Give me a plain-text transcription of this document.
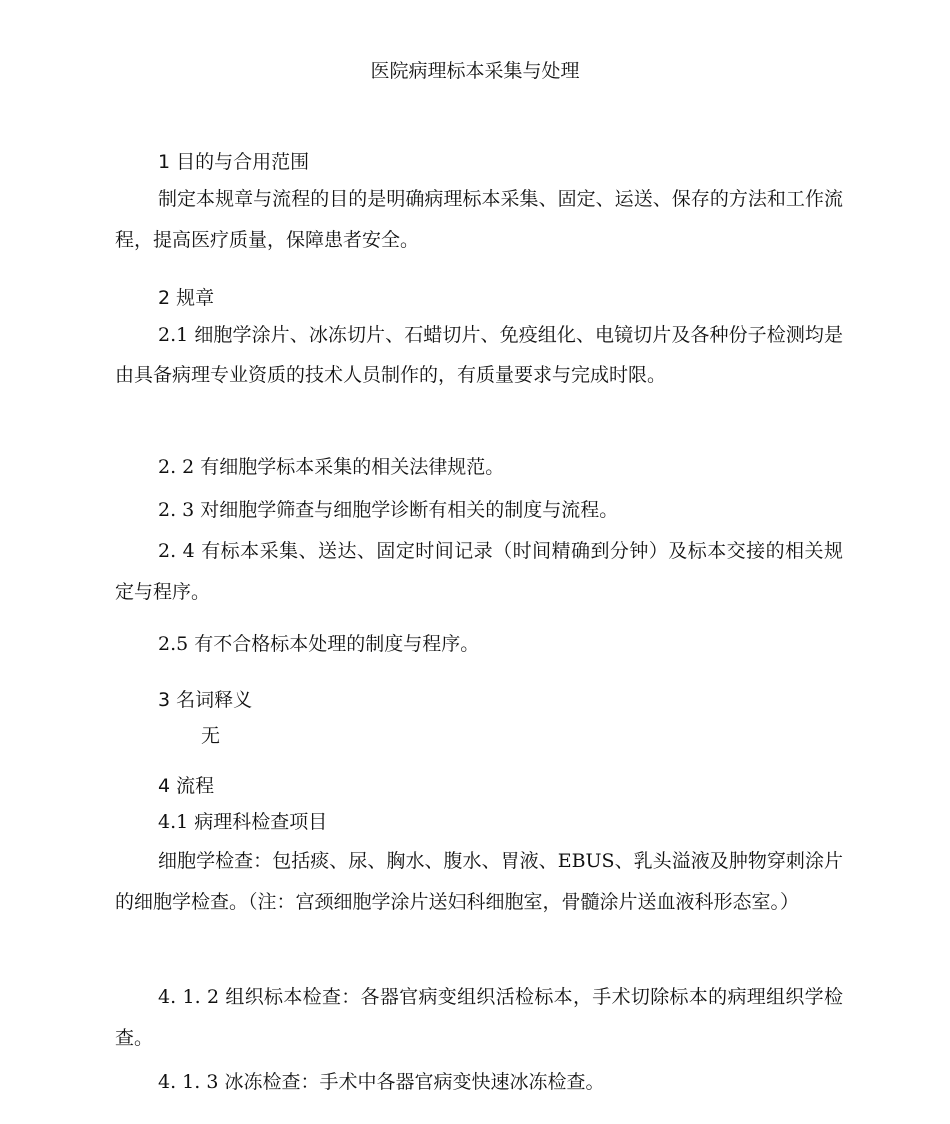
医院病理标本采集与处理
1 目的与合用范围
制定本规章与流程的目的是明确病理标本采集、固定、运送、保存的方法和工作流程，提高医疗质量，保障患者安全。
2 规章
2.1 细胞学涂片、冰冻切片、石蜡切片、免疫组化、电镜切片及各种份子检测均是由具备病理专业资质的技术人员制作的，有质量要求与完成时限。
2. 2 有细胞学标本采集的相关法律规范。
2. 3 对细胞学筛查与细胞学诊断有相关的制度与流程。
2. 4 有标本采集、送达、固定时间记录（时间精确到分钟）及标本交接的相关规定与程序。
2.5 有不合格标本处理的制度与程序。
3 名词释义
无
4 流程
4.1 病理科检查项目
细胞学检查：包括痰、尿、胸水、腹水、胃液、EBUS、乳头溢液及肿物穿刺涂片的细胞学检查。（注：宫颈细胞学涂片送妇科细胞室，骨髓涂片送血液科形态室。）
4. 1. 2 组织标本检查：各器官病变组织活检标本，手术切除标本的病理组织学检查。
4. 1. 3 冰冻检查：手术中各器官病变快速冰冻检查。
